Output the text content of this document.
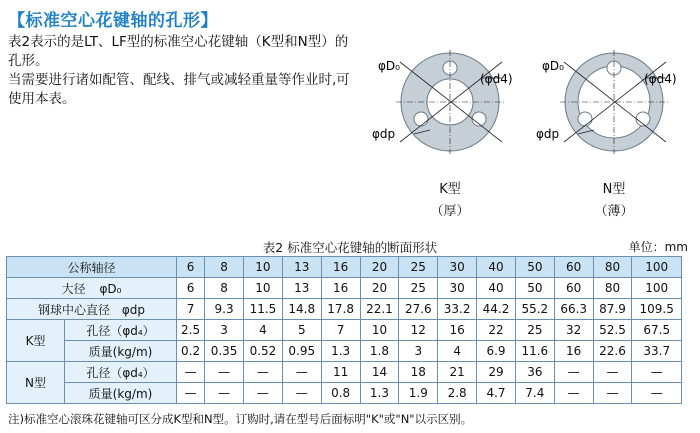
【标准空心花键轴的孔形】

表2表示的是LT、LF型的标准空心花键轴（K型和N型）的孔形。

当需要进行诸如配管、配线、排气或减轻重量等作业时,可使用本表。

φD₀
(φd4)
φdp
φD₀
(φd4)
φdp
K型
（厚）
N型
（薄）
表2 标准空心花键轴的断面形状	单位：mm
公称轴径		6	8	10	13	16	20	25	30	40	50	60	80	100
大径 φD₀		6	8	10	13	16	20	25	30	40	50	60	80	100
钢球中心直径 φdp		7	9.3	11.5	14.8	17.8	22.1	27.6	33.2	44.2	55.2	66.3	87.9	109.5
K型	孔径（φd₄）	2.5	3	4	5	7	10	12	16	22	25	32	52.5	67.5
	质量(kg/m)	0.2	0.35	0.52	0.95	1.3	1.8	3	4	6.9	11.6	16	22.6	33.7
N型	孔径（φd₄）	—	—	—	—	11	14	18	21	29	36	—	—	—
	质量(kg/m)	—	—	—	—	0.8	1.3	1.9	2.8	4.7	7.4	—	—	—
注)标准空心滚珠花键轴可区分成K型和N型。订购时,请在型号后面标明"K"或"N"以示区别。
